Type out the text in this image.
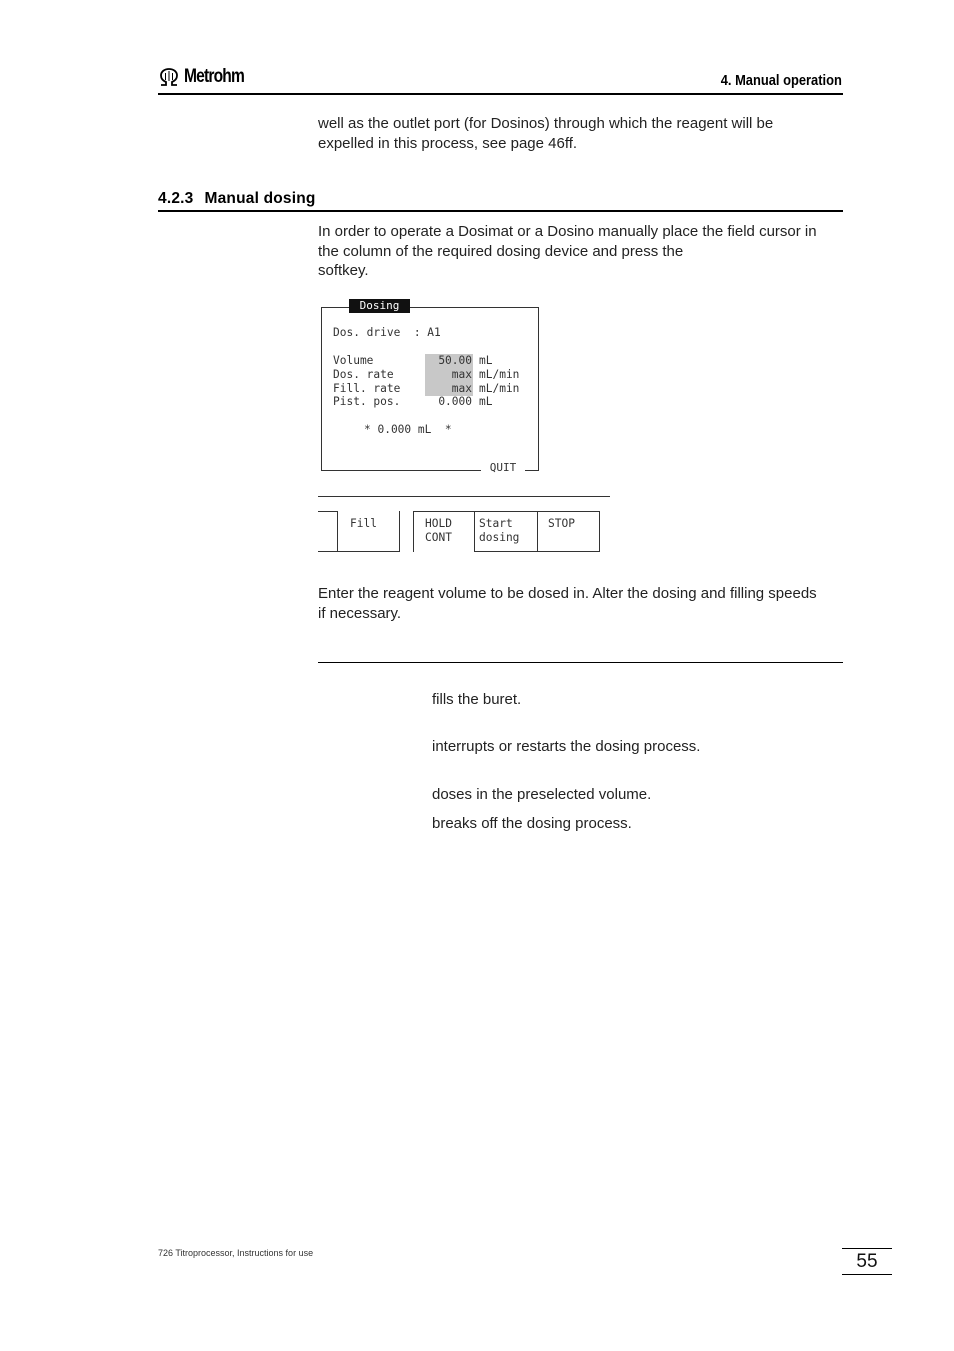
Metrohm	4. Manual operation
well as the outlet port (for Dosinos) through which the reagent will be
expelled in this process, see page 46ff.
4.2.3 Manual dosing
In order to operate a Dosimat or a Dosino manually place the field cursor in
the column of the required dosing device and press the
softkey.
Dosing
Dos. drive  : A1
Volume	50.00 mL
Dos. rate	max mL/min
Fill. rate	max mL/min
Pist. pos.	0.000 mL
* 0.000 mL  *
QUIT
Fill	HOLD
CONT
Start
dosing
STOP
Enter the reagent volume to be dosed in. Alter the dosing and filling speeds
if necessary.
fills the buret.
interrupts or restarts the dosing process.
doses in the preselected volume.
breaks off the dosing process.
726 Titroprocessor, Instructions for use	55
